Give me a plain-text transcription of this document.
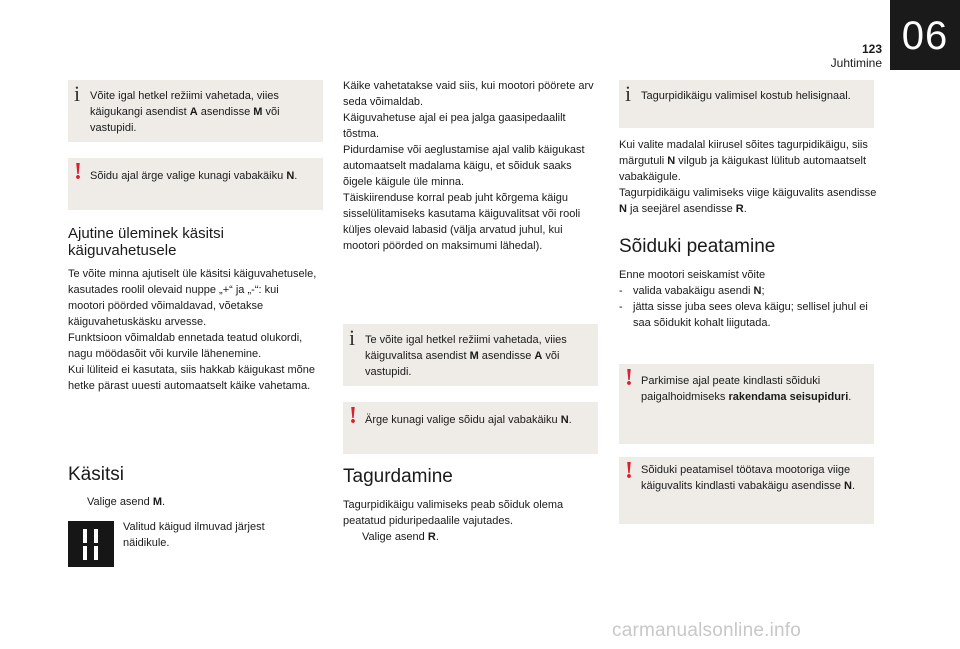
06
123
Juhtimine
i Võite igal hetkel režiimi vahetada, viies käigukangi asendist A asendisse M või vastupidi.
! Sõidu ajal ärge valige kunagi vabakäiku N.
Ajutine üleminek käsitsi käiguvahetusele
Te võite minna ajutiselt üle käsitsi käiguvahetusele, kasutades roolil olevaid nuppe „+“ ja „-“: kui mootori pöörded võimaldavad, võetakse käiguvahetuskäsku arvesse.
Funktsioon võimaldab ennetada teatud olukordi, nagu möödasõit või kurvile lähenemine.
Kui lüliteid ei kasutata, siis hakkab käigukast mõne hetke pärast uuesti automaatselt käike vahetama.
Käsitsi
Valige asend M.
Valitud käigud ilmuvad järjest näidikule.
Käike vahetatakse vaid siis, kui mootori pöörete arv seda võimaldab.
Käiguvahetuse ajal ei pea jalga gaasipedaalilt tõstma.
Pidurdamise või aeglustamise ajal valib käigukast automaatselt madalama käigu, et sõiduk saaks õigele käigule üle minna.
Täiskiirenduse korral peab juht kõrgema käigu sisselülitamiseks kasutama käiguvalitsat või rooli küljes olevaid labasid (välja arvatud juhul, kui mootori pöörded on maksimumi lähedal).
i Te võite igal hetkel režiimi vahetada, viies käiguvalitsa asendist M asendisse A või vastupidi.
! Ärge kunagi valige sõidu ajal vabakäiku N.
Tagurdamine
Tagurpidikäigu valimiseks peab sõiduk olema peatatud piduripedaalile vajutades.
Valige asend R.
i Tagurpidikäigu valimisel kostub helisignaal.
Kui valite madalal kiirusel sõites tagurpidikäigu, siis märgutuli N vilgub ja käigukast lülitub automaatselt vabakäigule.
Tagurpidikäigu valimiseks viige käiguvalits asendisse N ja seejärel asendisse R.
Sõiduki peatamine
Enne mootori seiskamist võite
- valida vabakäigu asendi N;
- jätta sisse juba sees oleva käigu; sellisel juhul ei saa sõidukit kohalt liigutada.
! Parkimise ajal peate kindlasti sõiduki paigalhoidmiseks rakendama seisupiduri.
! Sõiduki peatamisel töötava mootoriga viige käiguvalits kindlasti vabakäigu asendisse N.
carmanualsonline.info
